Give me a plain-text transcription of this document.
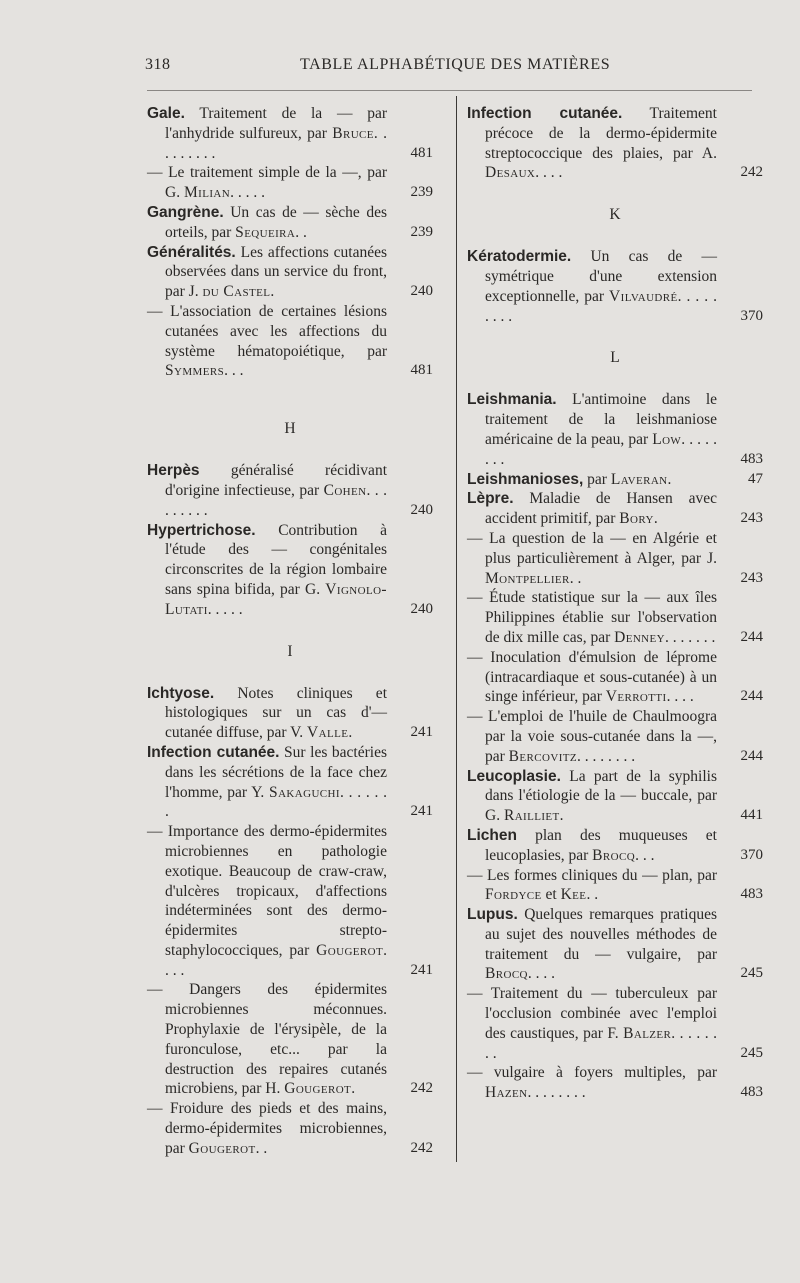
318	TABLE ALPHABÉTIQUE DES MATIÈRES
Gale. Traitement de la — par l'anhydride sulfureux, par Bruce. . . . . . . . .	481
— Le traitement simple de la —, par G. Milian. . . . .	239
Gangrène. Un cas de — sèche des orteils, par Sequeira. .	239
Généralités. Les affections cutanées observées dans un service du front, par J. du Castel.	240
— L'association de certaines lésions cutanées avec les affections du système hématopoiétique, par Symmers. . .	481
H
Herpès généralisé récidivant d'origine infectieuse, par Cohen. . . . . . . . .	240
Hypertrichose. Contribution à l'étude des — congénitales circonscrites de la région lombaire sans spina bifida, par G. Vignolo-Lutati. . . . .	240
I
Ichtyose. Notes cliniques et histologiques sur un cas d'— cutanée diffuse, par V. Valle.	241
Infection cutanée. Sur les bactéries dans les sécrétions de la face chez l'homme, par Y. Sakaguchi. . . . . . .	241
— Importance des dermo-épidermites microbiennes en pathologie exotique. Beaucoup de craw-craw, d'ulcères tropicaux, d'affections indéterminées sont des dermo-épidermites strepto-staphylococciques, par Gougerot. . . .	241
— Dangers des épidermites microbiennes méconnues. Prophylaxie de l'érysipèle, de la furonculose, etc... par la destruction des repaires cutanés microbiens, par H. Gougerot.	242
— Froidure des pieds et des mains, dermo-épidermites microbiennes, par Gougerot. .	242
Infection cutanée. Traitement précoce de la dermo-épidermite streptococcique des plaies, par A. Desaux. . . .	242
K
Kératodermie. Un cas de — symétrique d'une extension exceptionnelle, par Vilvaudré. . . . . . . . .	370
L
Leishmania. L'antimoine dans le traitement de la leishmaniose américaine de la peau, par Low. . . . . . . .	483
Leishmanioses, par Laveran.	47
Lèpre. Maladie de Hansen avec accident primitif, par Bory.	243
— La question de la — en Algérie et plus particulièrement à Alger, par J. Montpellier. .	243
— Étude statistique sur la — aux îles Philippines établie sur l'observation de dix mille cas, par Denney. . . . . . .	244
— Inoculation d'émulsion de léprome (intracardiaque et sous-cutanée) à un singe inférieur, par Verrotti. . . .	244
— L'emploi de l'huile de Chaulmoogra par la voie sous-cutanée dans la —, par Bercovitz. . . . . . . .	244
Leucoplasie. La part de la syphilis dans l'étiologie de la — buccale, par G. Railliet.	441
Lichen plan des muqueuses et leucoplasies, par Brocq. . .	370
— Les formes cliniques du — plan, par Fordyce et Kee. .	483
Lupus. Quelques remarques pratiques au sujet des nouvelles méthodes de traitement du — vulgaire, par Brocq. . . .	245
— Traitement du — tuberculeux par l'occlusion combinée avec l'emploi des caustiques, par F. Balzer. . . . . . . .	245
— vulgaire à foyers multiples, par Hazen. . . . . . . .	483
